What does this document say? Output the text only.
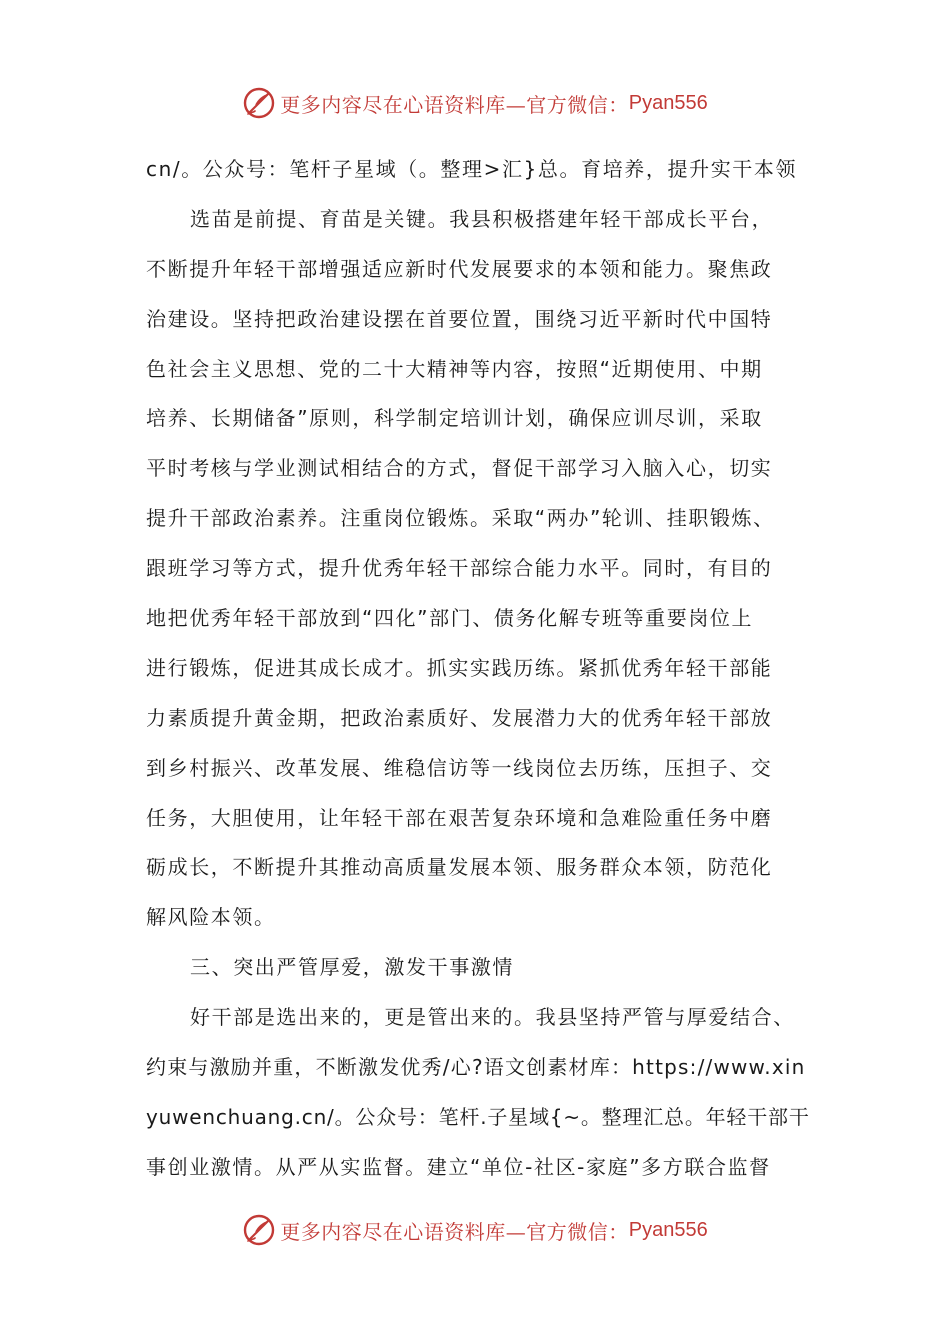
更多内容尽在心语资料库—官方微信： Pyan556
cn/。公众号：笔杆子星域（。整理>汇}总。育培养，提升实干本领
选苗是前提、育苗是关键。我县积极搭建年轻干部成长平台，
不断提升年轻干部增强适应新时代发展要求的本领和能力。聚焦政
治建设。坚持把政治建设摆在首要位置，围绕习近平新时代中国特
色社会主义思想、党的二十大精神等内容，按照“近期使用、中期
培养、长期储备”原则，科学制定培训计划，确保应训尽训，采取
平时考核与学业测试相结合的方式，督促干部学习入脑入心，切实
提升干部政治素养。注重岗位锻炼。采取“两办”轮训、挂职锻炼、
跟班学习等方式，提升优秀年轻干部综合能力水平。同时，有目的
地把优秀年轻干部放到“四化”部门、债务化解专班等重要岗位上
进行锻炼，促进其成长成才。抓实实践历练。紧抓优秀年轻干部能
力素质提升黄金期，把政治素质好、发展潜力大的优秀年轻干部放
到乡村振兴、改革发展、维稳信访等一线岗位去历练，压担子、交
任务，大胆使用，让年轻干部在艰苦复杂环境和急难险重任务中磨
砺成长，不断提升其推动高质量发展本领、服务群众本领，防范化
解风险本领。
三、突出严管厚爱，激发干事激情
好干部是选出来的，更是管出来的。我县坚持严管与厚爱结合、
约束与激励并重，不断激发优秀/心?语文创素材库：https://www.xin
yuwenchuang.cn/。公众号：笔杆.子星域{~。整理汇总。年轻干部干
事创业激情。从严从实监督。建立“单位-社区-家庭”多方联合监督
更多内容尽在心语资料库—官方微信： Pyan556
